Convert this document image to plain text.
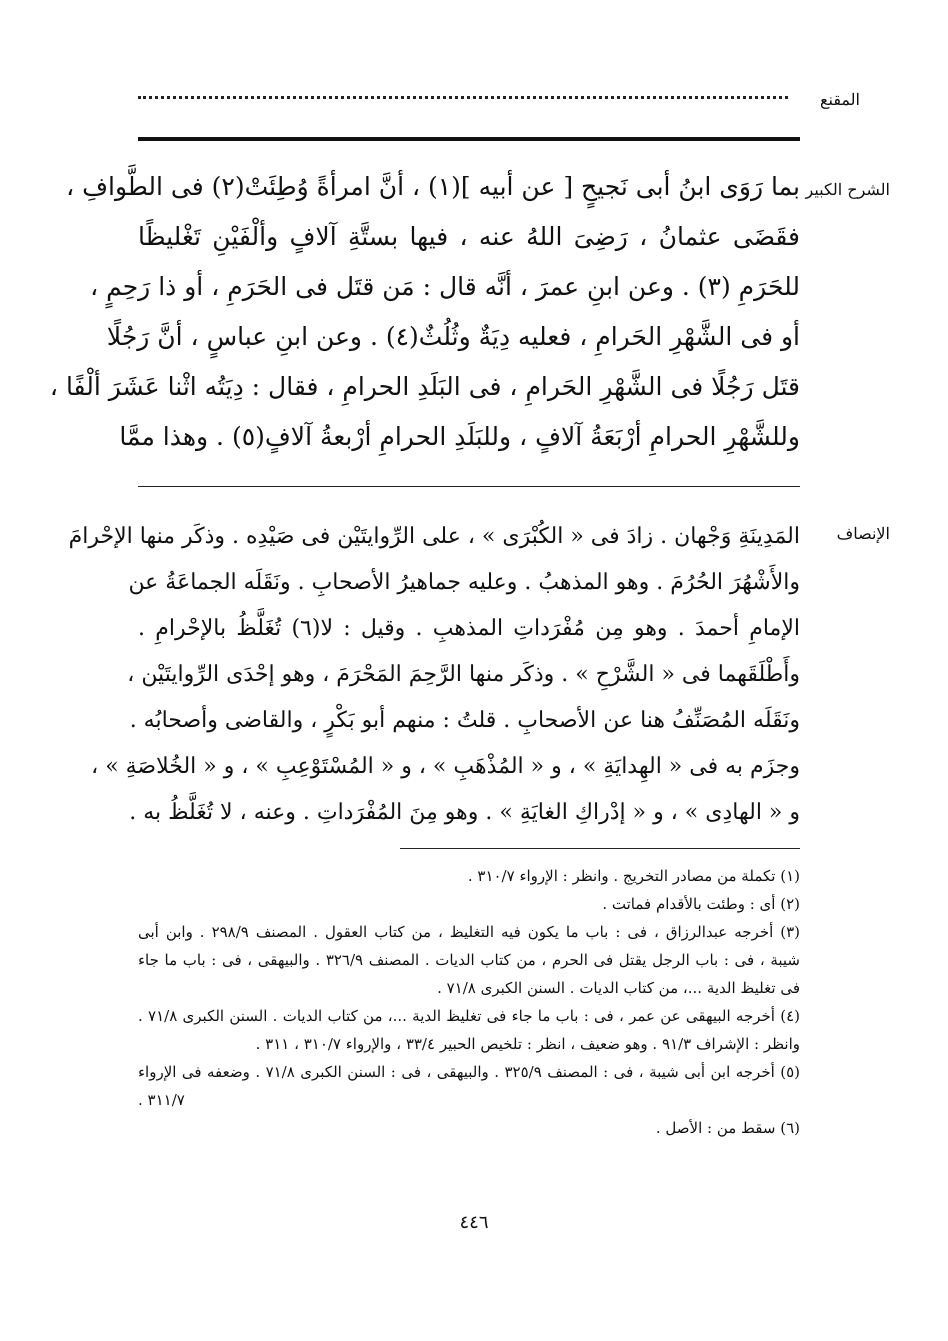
المقنع
الشرح الكبير
بما رَوَى ابنُ أبى نَجيحٍ [ عن أبيه ](١) ، أنَّ امرأةً وُطِئَتْ(٢) فى الطَّوافِ ،
فقَضَى عثمانُ ، رَضِىَ اللهُ عنه ، فيها بستَّةِ آلافٍ وألْفَيْنِ تَغْليظًا
للحَرَمِ (٣) . وعن ابنِ عمرَ ، أنَّه قال : مَن قتَل فى الحَرَمِ ، أو ذا رَحِمٍ ،
أو فى الشَّهْرِ الحَرامِ ، فعليه دِيَةٌ وثُلُثٌ(٤) . وعن ابنِ عباسٍ ، أنَّ رَجُلًا
قتَل رَجُلًا فى الشَّهْرِ الحَرامِ ، فى البَلَدِ الحرامِ ، فقال : دِيَتُه اثْنا عَشَرَ ألْفًا ،
وللشَّهْرِ الحرامِ أرْبَعَةُ آلافٍ ، وللبَلَدِ الحرامِ أرْبعةُ آلافٍ(٥) . وهذا ممَّا
الإنصاف
المَدِينَةِ وَجْهان . زادَ فى « الكُبْرَى » ، على الرِّوايتَيْن فى صَيْدِه . وذكَر منها الإحْرامَ
والأَشْهُرَ الحُرُمَ . وهو المذهبُ . وعليه جماهيرُ الأصحابِ . ونَقَلَه الجماعَةُ عن
الإمامِ أحمدَ . وهو مِن مُفْرَداتِ المذهبِ . وقيل : لا(٦) تُغَلَّظُ بالإحْرامِ .
وأَطْلَقَهما فى « الشَّرْحِ » . وذكَر منها الرَّحِمَ المَحْرَمَ ، وهو إحْدَى الرِّوايتَيْن ،
ونَقَلَه المُصَنِّفُ هنا عن الأصحابِ . قلتُ : منهم أبو بَكْرٍ ، والقاضى وأصحابُه .
وجزَم به فى « الهِدايَةِ » ، و « المُذْهَبِ » ، و « المُسْتَوْعِبِ » ، و « الخُلاصَةِ » ،
و « الهادِى » ، و « إدْراكِ الغايَةِ » . وهو مِنَ المُفْرَداتِ . وعنه ، لا تُغَلَّظُ به .
(١) تكملة من مصادر التخريج . وانظر : الإرواء ٣١٠/٧ .
(٢) أى : وطئت بالأقدام فماتت .
(٣) أخرجه عبدالرزاق ، فى : باب ما يكون فيه التغليظ ، من كتاب العقول . المصنف ٢٩٨/٩ . وابن أبى
شيبة ، فى : باب الرجل يقتل فى الحرم ، من كتاب الديات . المصنف ٣٢٦/٩ . والبيهقى ، فى : باب ما جاء
فى تغليظ الدية ...، من كتاب الديات . السنن الكبرى ٧١/٨ .
(٤) أخرجه البيهقى عن عمر ، فى : باب ما جاء فى تغليظ الدية ...، من كتاب الديات . السنن الكبرى ٧١/٨ .
وانظر : الإشراف ٩١/٣ . وهو ضعيف ، انظر : تلخيص الحبير ٣٣/٤ ، والإرواء ٣١٠/٧ ، ٣١١ .
(٥) أخرجه ابن أبى شيبة ، فى : المصنف ٣٢٥/٩ . والبيهقى ، فى : السنن الكبرى ٧١/٨ . وضعفه فى الإرواء
٣١١/٧ .
(٦) سقط من : الأصل .
٤٤٦
